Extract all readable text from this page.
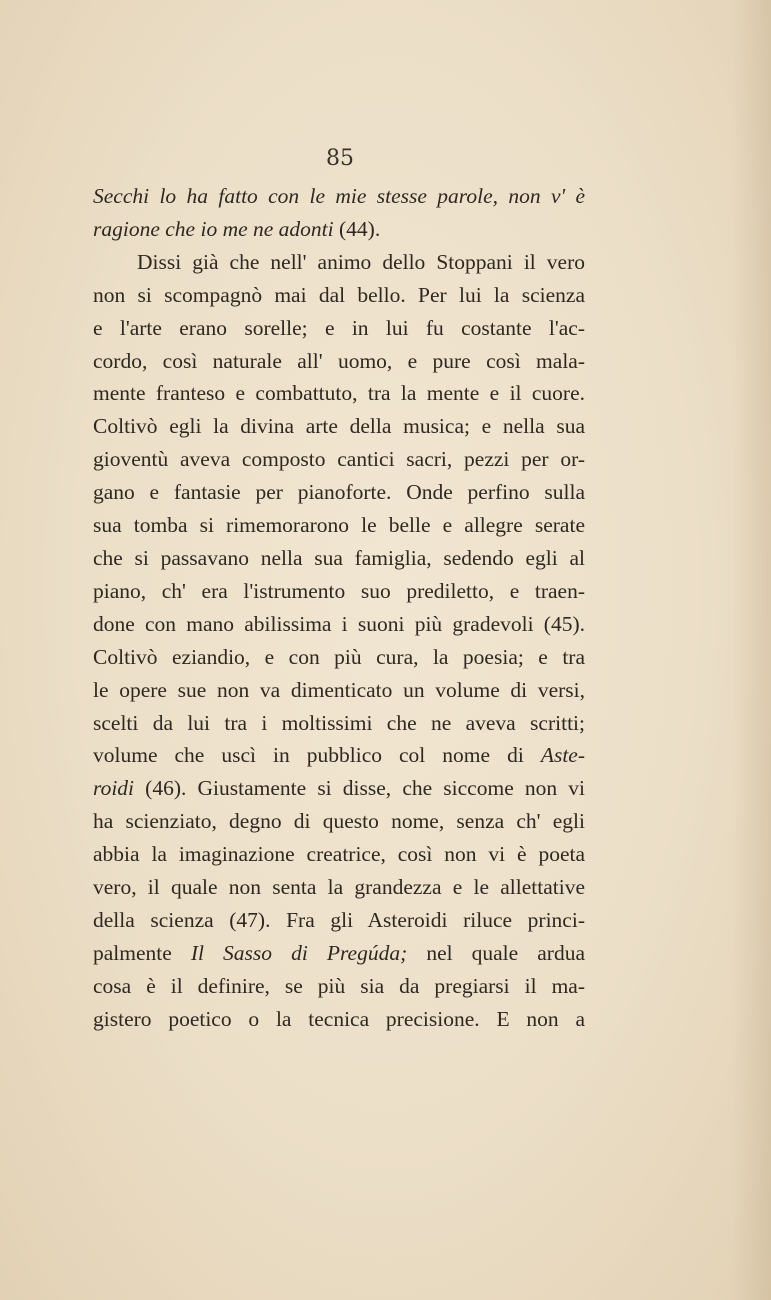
85
Secchi lo ha fatto con le mie stesse parole, non v' è
ragione che io me ne adonti (44).
Dissi già che nell' animo dello Stoppani il vero
non si scompagnò mai dal bello. Per lui la scienza
e l'arte erano sorelle; e in lui fu costante l'ac-
cordo, così naturale all' uomo, e pure così mala-
mente franteso e combattuto, tra la mente e il cuore.
Coltivò egli la divina arte della musica; e nella sua
gioventù aveva composto cantici sacri, pezzi per or-
gano e fantasie per pianoforte. Onde perfino sulla
sua tomba si rimemorarono le belle e allegre serate
che si passavano nella sua famiglia, sedendo egli al
piano, ch' era l'istrumento suo prediletto, e traen-
done con mano abilissima i suoni più gradevoli (45).
Coltivò eziandio, e con più cura, la poesia; e tra
le opere sue non va dimenticato un volume di versi,
scelti da lui tra i moltissimi che ne aveva scritti;
volume che uscì in pubblico col nome di Aste-
roidi (46). Giustamente si disse, che siccome non vi
ha scienziato, degno di questo nome, senza ch' egli
abbia la imaginazione creatrice, così non vi è poeta
vero, il quale non senta la grandezza e le allettative
della scienza (47). Fra gli Asteroidi riluce princi-
palmente Il Sasso di Pregúda; nel quale ardua
cosa è il definire, se più sia da pregiarsi il ma-
gistero poetico o la tecnica precisione. E non a
